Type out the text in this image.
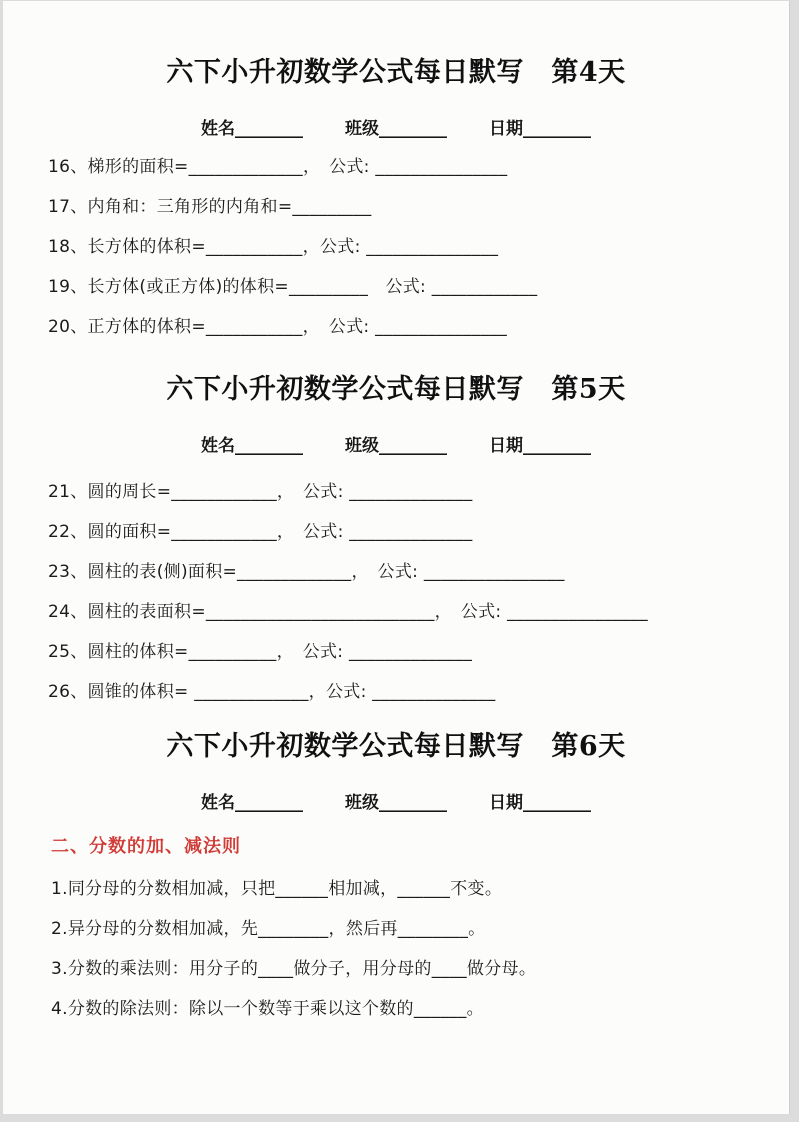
六下小升初数学公式每日默写　第4天
姓名________ 班级________ 日期________
16、梯形的面积=_____________，　公式: _______________
17、内角和：三角形的内角和=_________
18、长方体的体积=___________，公式: _______________
19、长方体(或正方体)的体积=_________　公式: ____________
20、正方体的体积=___________，　公式: _______________
六下小升初数学公式每日默写　第5天
姓名________ 班级________ 日期________
21、圆的周长=____________，　公式: ______________
22、圆的面积=____________，　公式: ______________
23、圆柱的表(侧)面积=_____________，　公式: ________________
24、圆柱的表面积=__________________________，　公式: ________________
25、圆柱的体积=__________，　公式: ______________
26、圆锥的体积= _____________，公式: ______________
六下小升初数学公式每日默写　第6天
姓名________ 班级________ 日期________
二、分数的加、减法则
1.同分母的分数相加减，只把______相加减，______不变。
2.异分母的分数相加减，先________，然后再________。
3.分数的乘法则：用分子的____做分子，用分母的____做分母。
4.分数的除法则：除以一个数等于乘以这个数的______。
